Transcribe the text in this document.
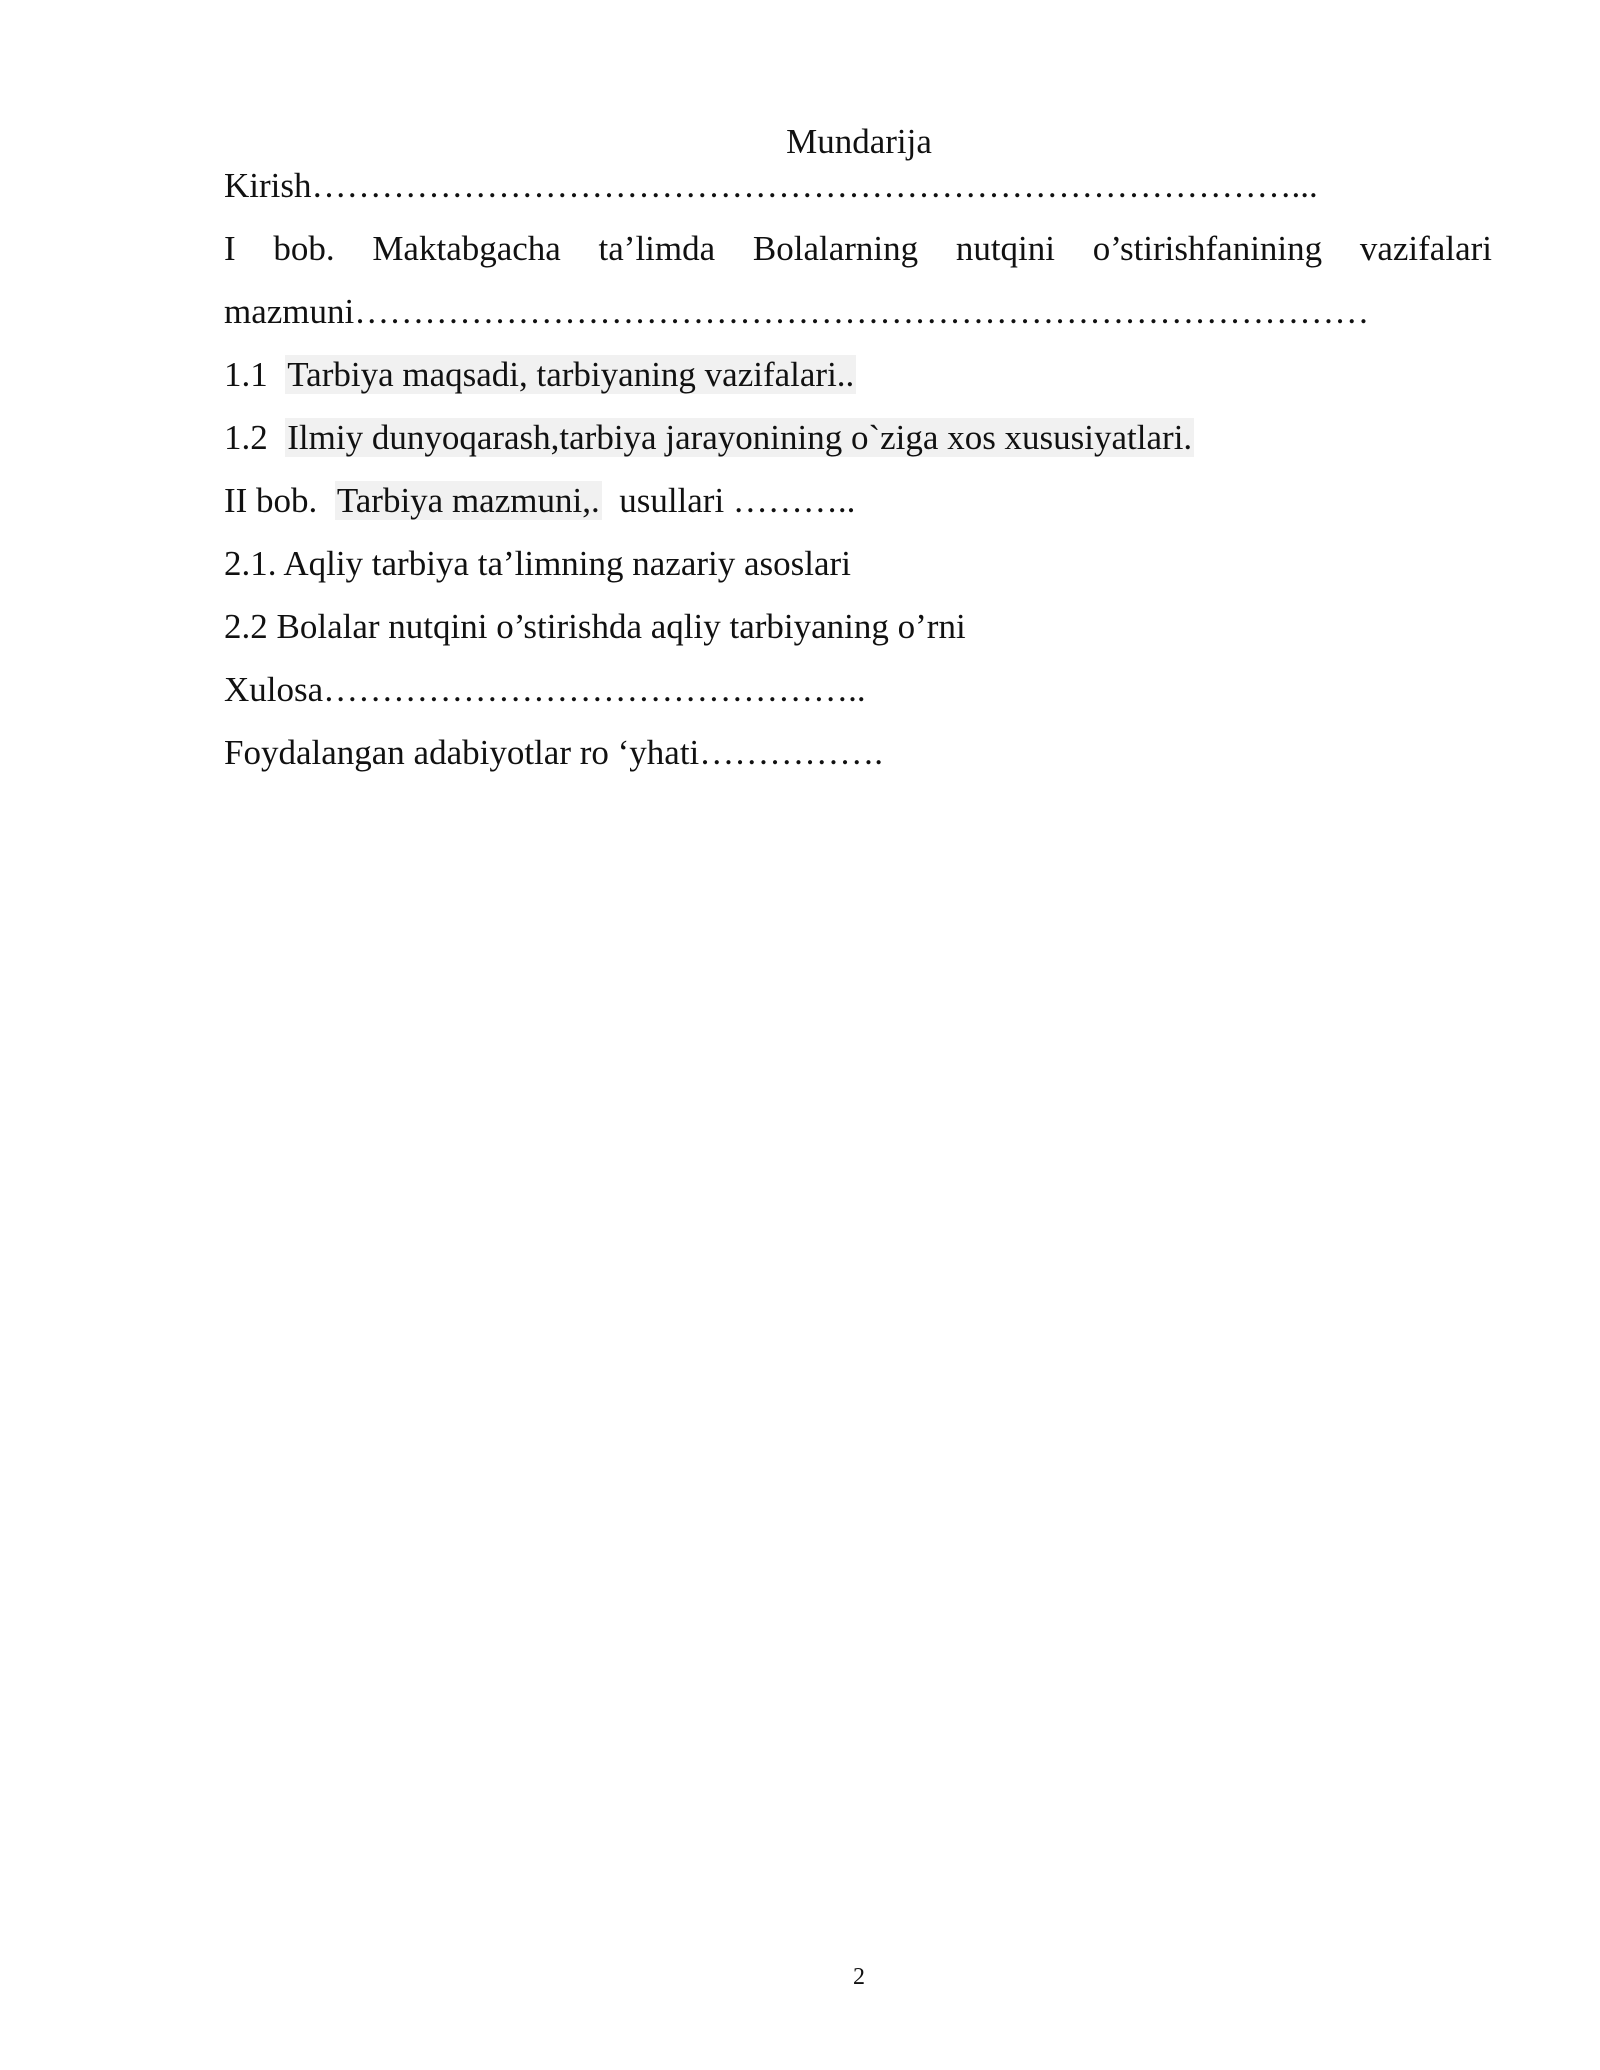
Mundarija
Kirish…………………………………………………………………………...
I bob. Maktabgacha ta’limda Bolalarning nutqini o’stirishfanining vazifalari
mazmuni……………………………………………………………………………
1.1 Tarbiya maqsadi, tarbiyaning vazifalari..
1.2 Ilmiy dunyoqarash,tarbiya jarayonining o`ziga xos xususiyatlari.
II bob. Tarbiya mazmuni,. usullari ………..
2.1. Aqliy tarbiya ta’limning nazariy asoslari
2.2 Bolalar nutqini o’stirishda aqliy tarbiyaning o’rni
Xulosa………………………………………..
Foydalangan adabiyotlar ro ‘yhati…………….
2
